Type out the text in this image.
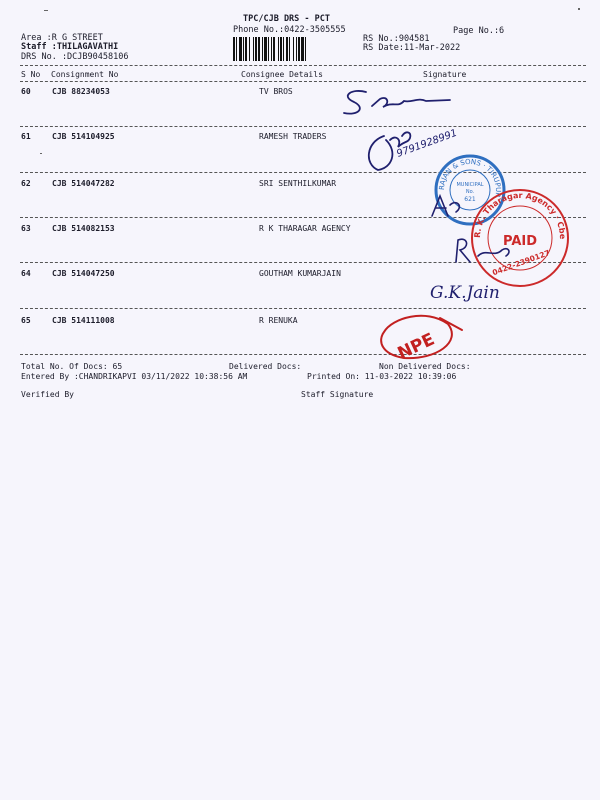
TPC/CJB DRS - PCT
Phone No.:0422-3505555	Page No.:6
Area :R G STREET
Staff :THILAGAVATHI
DRS No. :DCJB90458106
RS No.:904581
RS Date:11-Mar-2022
S No Consignment No	Consignee Details	Signature
60	CJB 88234053	TV BROS
61	CJB 514104925	RAMESH TRADERS
62	CJB 514047282	SRI SENTHILKUMAR
63	CJB 514082153	R K THARAGAR AGENCY
64	CJB 514047250	GOUTHAM KUMARJAIN
65	CJB 514111008	R RENUKA
Total No. Of Docs: 65	Delivered Docs:	Non Delivered Docs:
Entered By :CHANDRIKAPVI 03/11/2022 10:38:56 AM	Printed On: 11-03-2022 10:39:06
Verified By	Staff Signature
9791928991
RAJAN & SONS · TIRUPUR
MUNICIPAL
No.
621
R. K. Tharagar Agency · Cbe
PAID
0422-2390127
G.K.Jain
NPE
